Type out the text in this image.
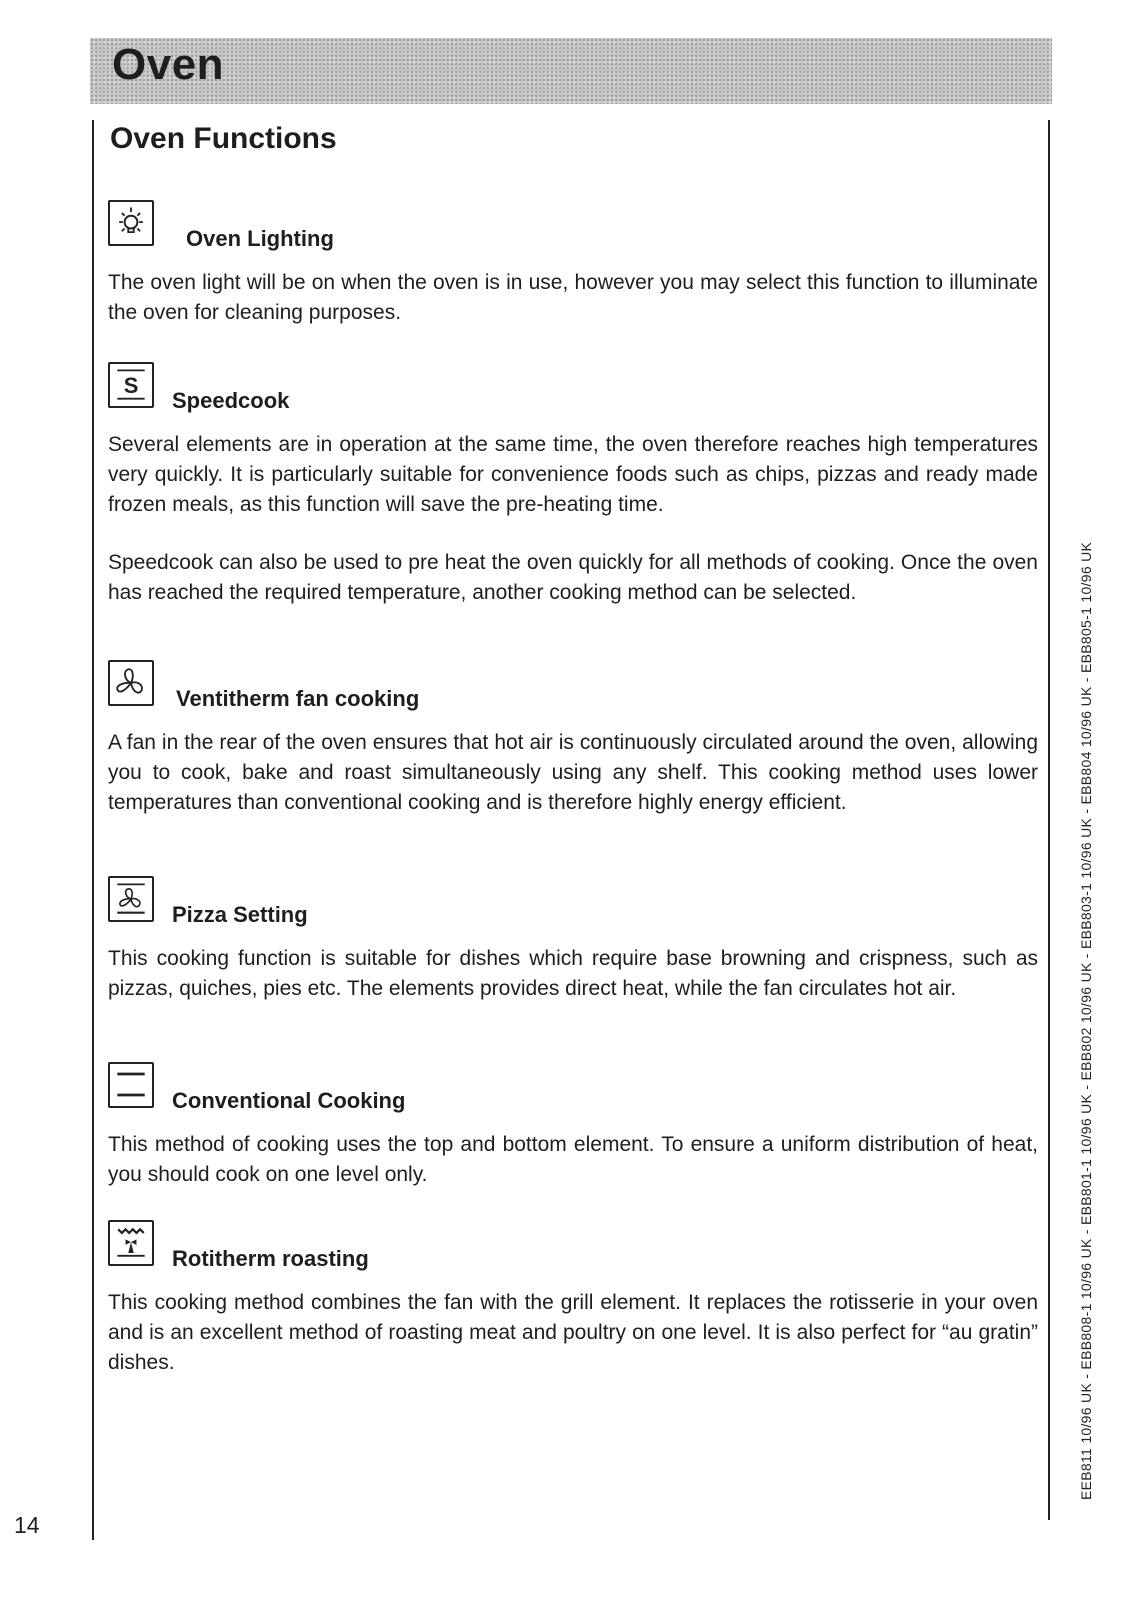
Oven
Oven Functions
Oven Lighting

The oven light will be on when the oven is in use, however you may select this function to illuminate the oven for cleaning purposes.

S
Speedcook

Several elements are in operation at the same time, the oven therefore reaches high temperatures very quickly. It is particularly suitable for convenience foods such as chips, pizzas and ready made frozen meals, as this function will save the pre-heating time.

Speedcook can also be used to pre heat the oven quickly for all methods of cooking. Once the oven has reached the required temperature, another cooking method can be selected.

Ventitherm fan cooking

A fan in the rear of the oven ensures that hot air is continuously circulated around the oven, allowing you to cook, bake and roast simultaneously using any shelf. This cooking method uses lower temperatures than conventional cooking and is therefore highly energy efficient.

Pizza Setting

This cooking function is suitable for dishes which require base browning and crispness, such as pizzas, quiches, pies etc. The elements provides direct heat, while the fan circulates hot air.

Conventional Cooking

This method of cooking uses the top and bottom element. To ensure a uniform distribution of heat, you should cook on one level only.

Rotitherm roasting

This cooking method combines the fan with the grill element. It replaces the rotisserie in your oven and is an excellent method of roasting meat and poultry on one level. It is also perfect for “au gratin” dishes.

14
EEB811 10/96 UK - EBB808-1 10/96 UK - EBB801-1 10/96 UK - EBB802 10/96 UK - EBB803-1 10/96 UK - EBB804 10/96 UK - EBB805-1 10/96 UK
